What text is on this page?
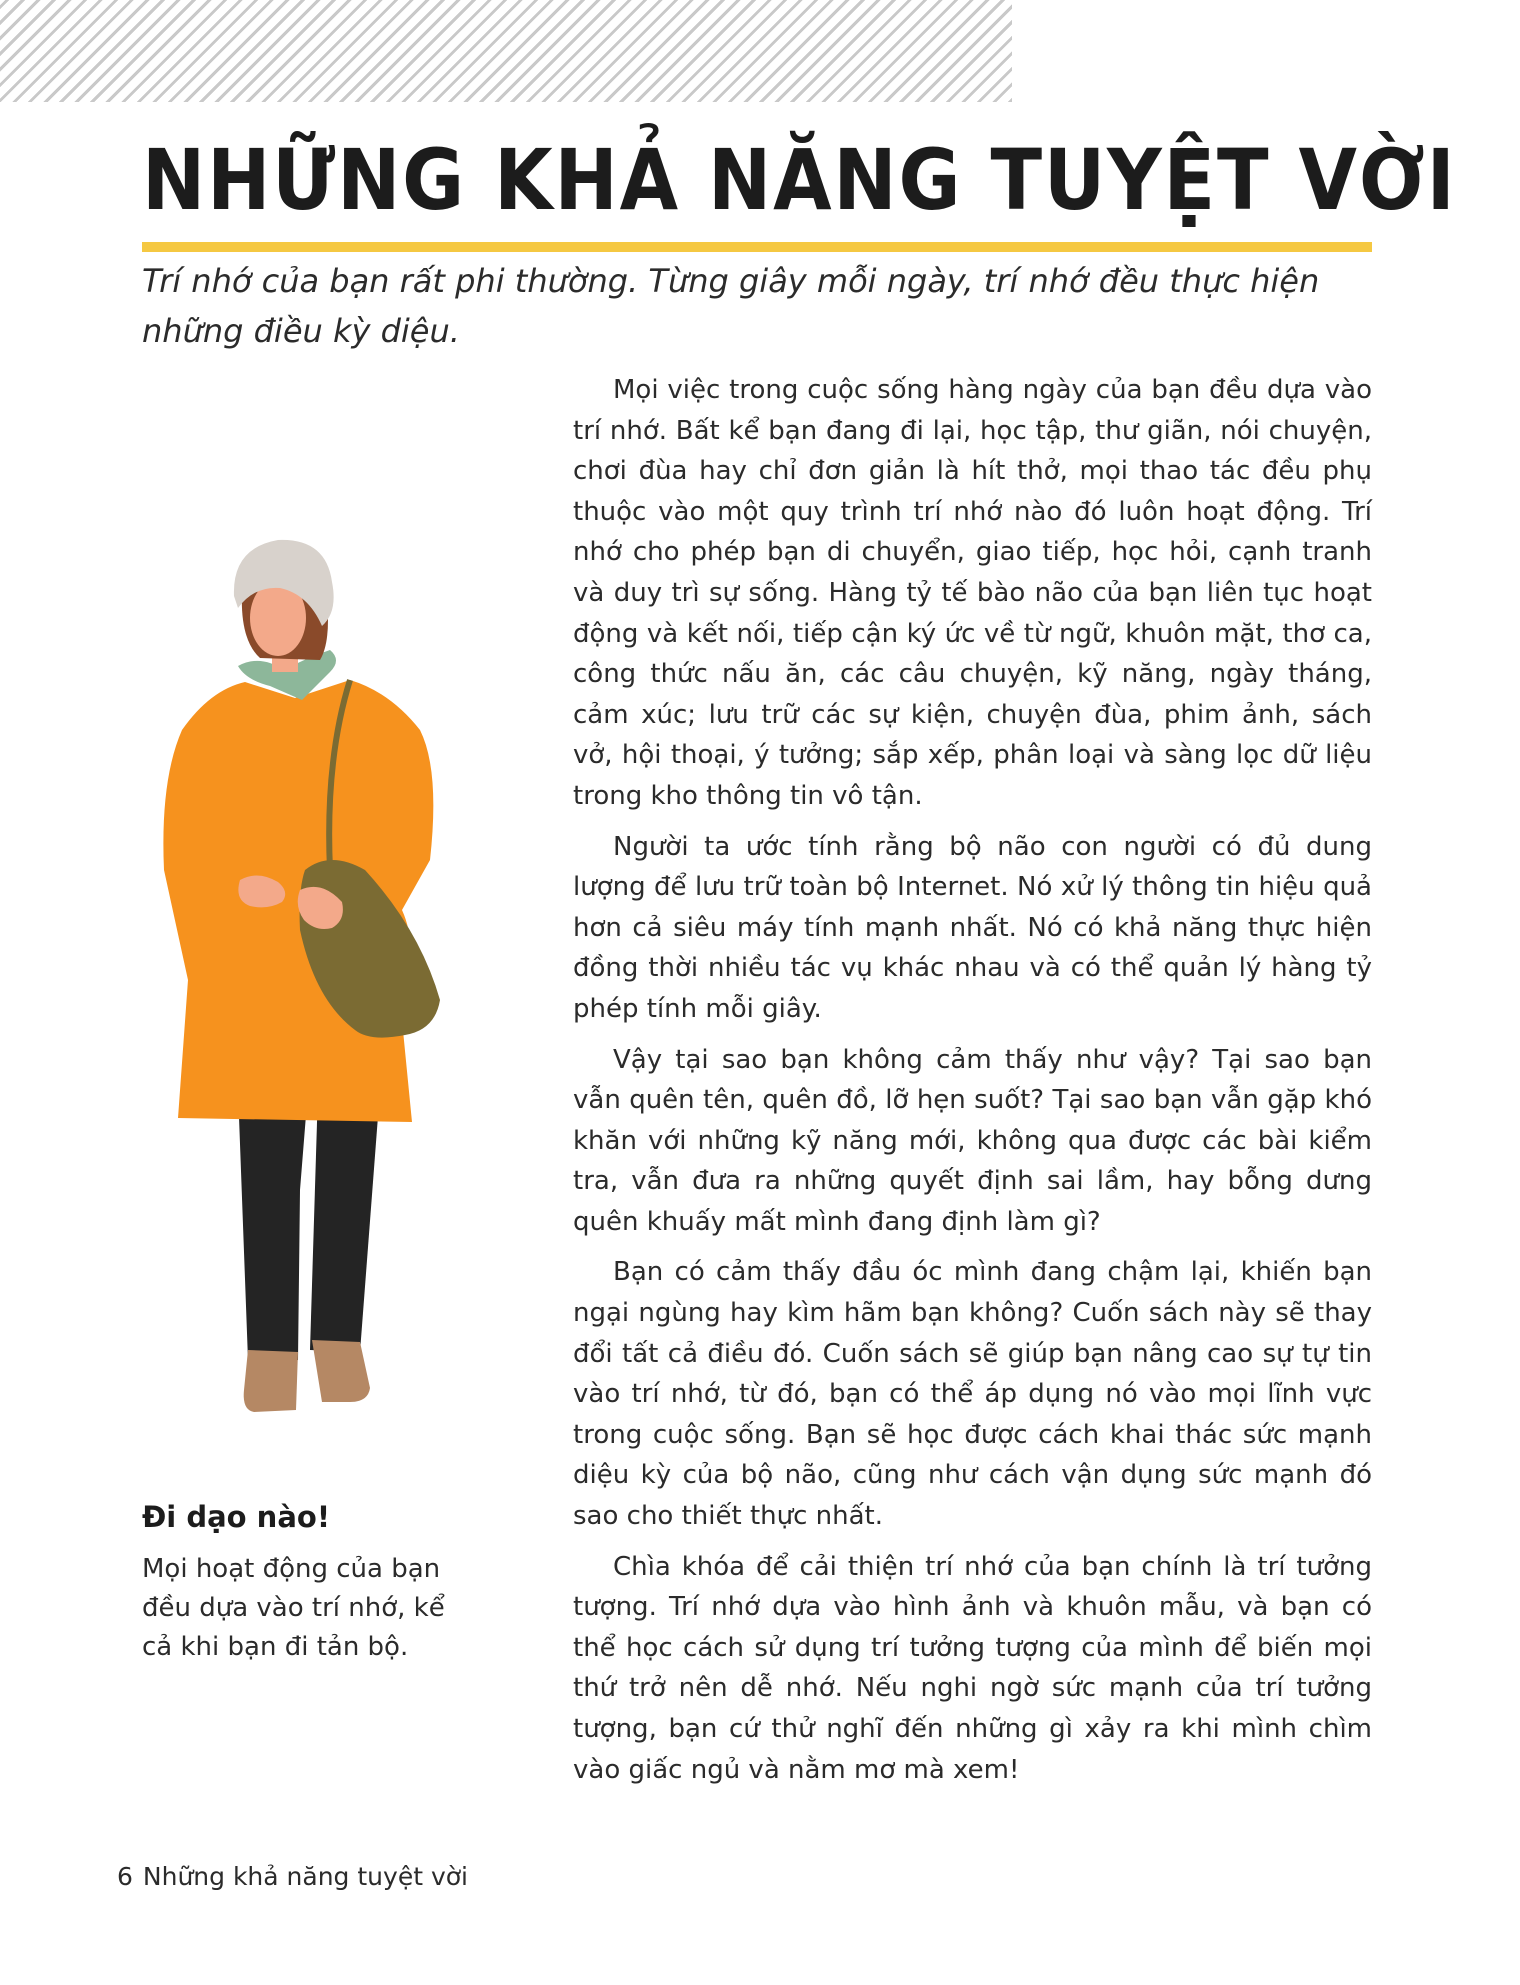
NHỮNG KHẢ NĂNG TUYỆT VỜI

Trí nhớ của bạn rất phi thường. Từng giây mỗi ngày, trí nhớ đều thực hiện những điều kỳ diệu.

Mọi việc trong cuộc sống hàng ngày của bạn đều dựa vào trí nhớ. Bất kể bạn đang đi lại, học tập, thư giãn, nói chuyện, chơi đùa hay chỉ đơn giản là hít thở, mọi thao tác đều phụ thuộc vào một quy trình trí nhớ nào đó luôn hoạt động. Trí nhớ cho phép bạn di chuyển, giao tiếp, học hỏi, cạnh tranh và duy trì sự sống. Hàng tỷ tế bào não của bạn liên tục hoạt động và kết nối, tiếp cận ký ức về từ ngữ, khuôn mặt, thơ ca, công thức nấu ăn, các câu chuyện, kỹ năng, ngày tháng, cảm xúc; lưu trữ các sự kiện, chuyện đùa, phim ảnh, sách vở, hội thoại, ý tưởng; sắp xếp, phân loại và sàng lọc dữ liệu trong kho thông tin vô tận.

Người ta ước tính rằng bộ não con người có đủ dung lượng để lưu trữ toàn bộ Internet. Nó xử lý thông tin hiệu quả hơn cả siêu máy tính mạnh nhất. Nó có khả năng thực hiện đồng thời nhiều tác vụ khác nhau và có thể quản lý hàng tỷ phép tính mỗi giây.

Vậy tại sao bạn không cảm thấy như vậy? Tại sao bạn vẫn quên tên, quên đồ, lỡ hẹn suốt? Tại sao bạn vẫn gặp khó khăn với những kỹ năng mới, không qua được các bài kiểm tra, vẫn đưa ra những quyết định sai lầm, hay bỗng dưng quên khuấy mất mình đang định làm gì?

Bạn có cảm thấy đầu óc mình đang chậm lại, khiến bạn ngại ngùng hay kìm hãm bạn không? Cuốn sách này sẽ thay đổi tất cả điều đó. Cuốn sách sẽ giúp bạn nâng cao sự tự tin vào trí nhớ, từ đó, bạn có thể áp dụng nó vào mọi lĩnh vực trong cuộc sống. Bạn sẽ học được cách khai thác sức mạnh diệu kỳ của bộ não, cũng như cách vận dụng sức mạnh đó sao cho thiết thực nhất.

Chìa khóa để cải thiện trí nhớ của bạn chính là trí tưởng tượng. Trí nhớ dựa vào hình ảnh và khuôn mẫu, và bạn có thể học cách sử dụng trí tưởng tượng của mình để biến mọi thứ trở nên dễ nhớ. Nếu nghi ngờ sức mạnh của trí tưởng tượng, bạn cứ thử nghĩ đến những gì xảy ra khi mình chìm vào giấc ngủ và nằm mơ mà xem!

Đi dạo nào!

Mọi hoạt động của bạn đều dựa vào trí nhớ, kể cả khi bạn đi tản bộ.

6 Những khả năng tuyệt vời
